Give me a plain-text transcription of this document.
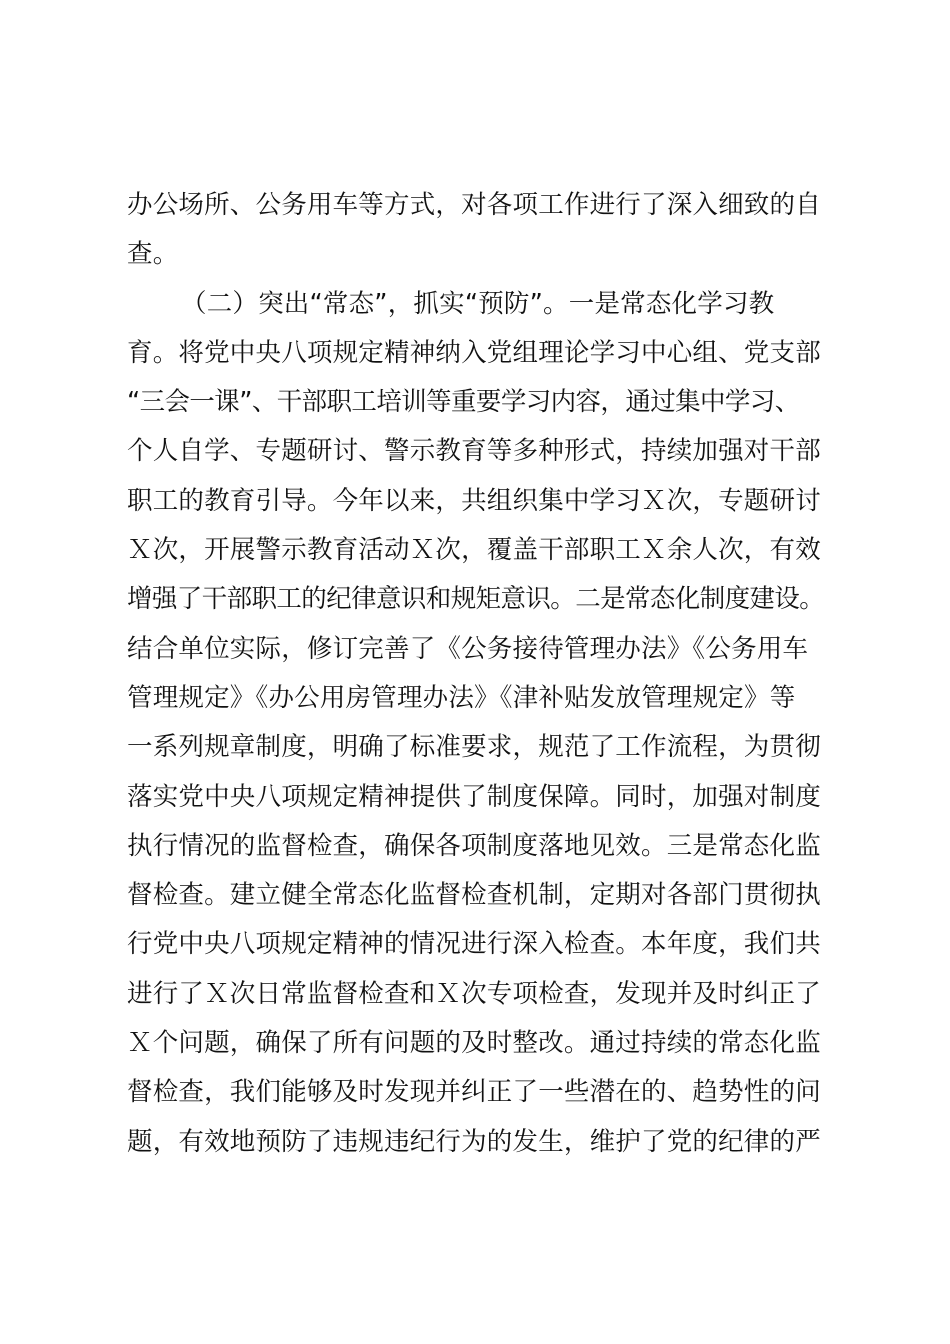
办公场所、公务用车等方式，对各项工作进行了深入细致的自
查。
（二）突出“常态”，抓实“预防”。一是常态化学习教
育。将党中央八项规定精神纳入党组理论学习中心组、党支部
“三会一课”、干部职工培训等重要学习内容，通过集中学习、
个人自学、专题研讨、警示教育等多种形式，持续加强对干部
职工的教育引导。今年以来，共组织集中学习Ｘ次，专题研讨
Ｘ次，开展警示教育活动Ｘ次，覆盖干部职工Ｘ余人次，有效
增强了干部职工的纪律意识和规矩意识。二是常态化制度建设。
结合单位实际，修订完善了《公务接待管理办法》《公务用车
管理规定》《办公用房管理办法》《津补贴发放管理规定》等
一系列规章制度，明确了标准要求，规范了工作流程，为贯彻
落实党中央八项规定精神提供了制度保障。同时，加强对制度
执行情况的监督检查，确保各项制度落地见效。三是常态化监
督检查。建立健全常态化监督检查机制，定期对各部门贯彻执
行党中央八项规定精神的情况进行深入检查。本年度，我们共
进行了Ｘ次日常监督检查和Ｘ次专项检查，发现并及时纠正了
Ｘ个问题，确保了所有问题的及时整改。通过持续的常态化监
督检查，我们能够及时发现并纠正了一些潜在的、趋势性的问
题，有效地预防了违规违纪行为的发生，维护了党的纪律的严
